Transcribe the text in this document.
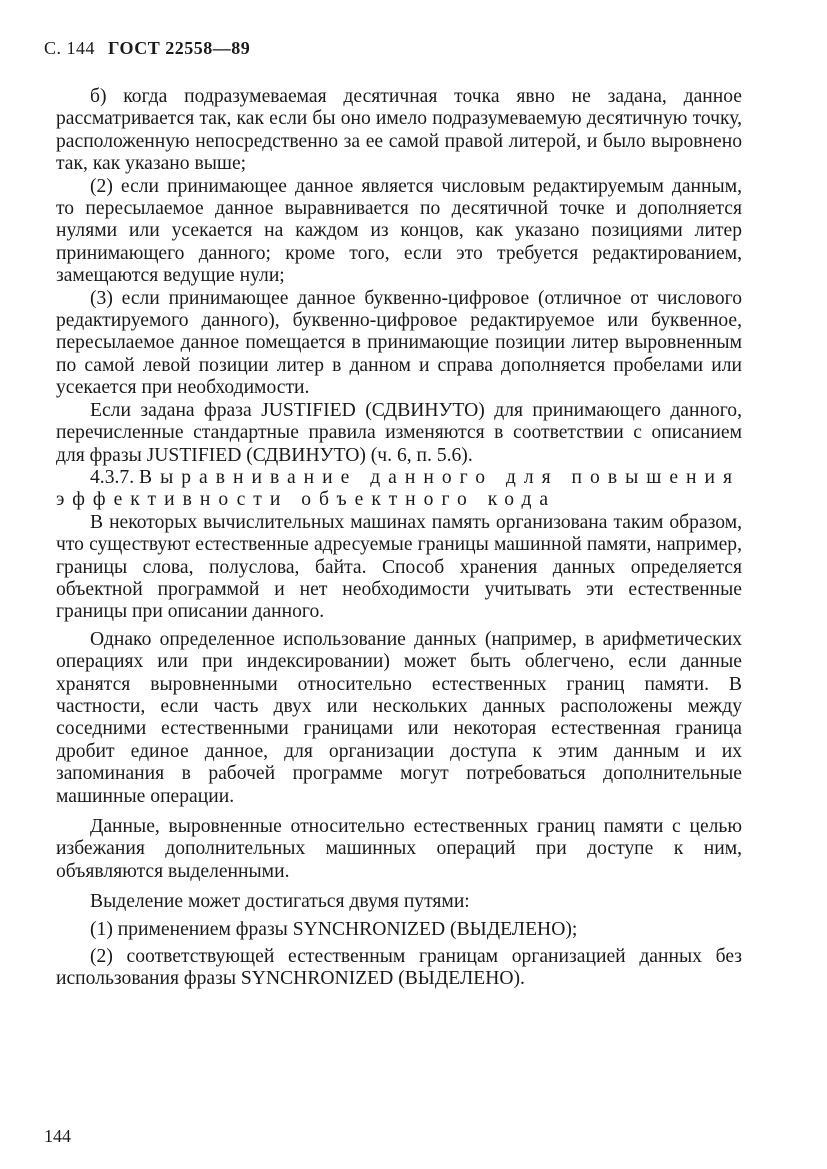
С. 144 ГОСТ 22558—89

б) когда подразумеваемая десятичная точка явно не задана, данное рассматривается так, как если бы оно имело подразумеваемую десятичную точку, расположенную непосредственно за ее самой правой литерой, и было выровнено так, как указано выше;

(2) если принимающее данное является числовым редактируемым данным, то пересылаемое данное выравнивается по десятичной точке и дополняется нулями или усекается на каждом из концов, как указано позициями литер принимающего данного; кроме того, если это требуется редактированием, замещаются ведущие нули;

(3) если принимающее данное буквенно-цифровое (отличное от числового редактируемого данного), буквенно-цифровое редактируемое или буквенное, пересылаемое данное помещается в принимающие позиции литер выровненным по самой левой позиции литер в данном и справа дополняется пробелами или усекается при необходимости.

Если задана фраза JUSTIFIED (СДВИНУТО) для принимающего данного, перечисленные стандартные правила изменяются в соответствии с описанием для фразы JUSTIFIED (СДВИНУТО) (ч. 6, п. 5.6).

4.3.7. Выравнивание данного для повышения эффективности объектного кода

В некоторых вычислительных машинах память организована таким образом, что существуют естественные адресуемые границы машинной памяти, например, границы слова, полуслова, байта. Способ хранения данных определяется объектной программой и нет необходимости учитывать эти естественные границы при описании данного.

Однако определенное использование данных (например, в арифметических операциях или при индексировании) может быть облегчено, если данные хранятся выровненными относительно естественных границ памяти. В частности, если часть двух или нескольких данных расположены между соседними естественными границами или некоторая естественная граница дробит единое данное, для организации доступа к этим данным и их запоминания в рабочей программе могут потребоваться дополнительные машинные операции.

Данные, выровненные относительно естественных границ памяти с целью избежания дополнительных машинных операций при доступе к ним, объявляются выделенными.

Выделение может достигаться двумя путями:

(1) применением фразы SYNCHRONIZED (ВЫДЕЛЕНО);

(2) соответствующей естественным границам организацией данных без использования фразы SYNCHRONIZED (ВЫДЕЛЕНО).

144
